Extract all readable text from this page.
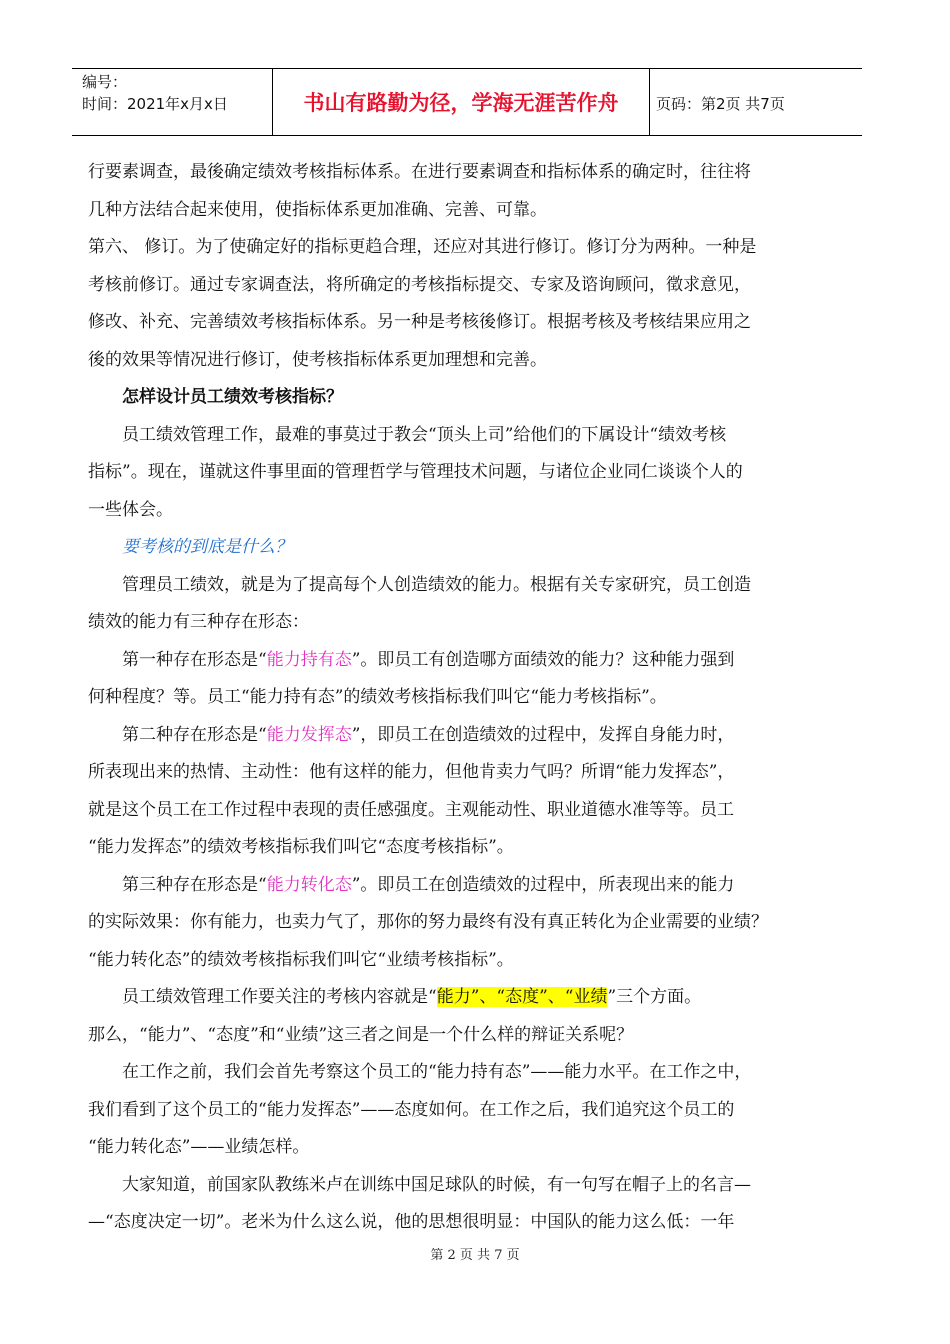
编号：
时间：2021年x月x日	书山有路勤为径，学海无涯苦作舟	页码：第2页 共7页
行要素调查，最後确定绩效考核指标体系。在进行要素调查和指标体系的确定时，往往将
几种方法结合起来使用，使指标体系更加准确、完善、可靠。
第六、 修订。为了使确定好的指标更趋合理，还应对其进行修订。修订分为两种。一种是
考核前修订。通过专家调查法，将所确定的考核指标提交、专家及谘询顾问，徵求意见，
修改、补充、完善绩效考核指标体系。另一种是考核後修订。根据考核及考核结果应用之
後的效果等情况进行修订，使考核指标体系更加理想和完善。
怎样设计员工绩效考核指标？
员工绩效管理工作，最难的事莫过于教会“顶头上司”给他们的下属设计“绩效考核
指标”。现在，谨就这件事里面的管理哲学与管理技术问题，与诸位企业同仁谈谈个人的
一些体会。
要考核的到底是什么？
管理员工绩效，就是为了提高每个人创造绩效的能力。根据有关专家研究，员工创造
绩效的能力有三种存在形态：
第一种存在形态是“能力持有态”。即员工有创造哪方面绩效的能力？这种能力强到
何种程度？等。员工“能力持有态”的绩效考核指标我们叫它“能力考核指标”。
第二种存在形态是“能力发挥态”，即员工在创造绩效的过程中，发挥自身能力时，
所表现出来的热情、主动性：他有这样的能力，但他肯卖力气吗？所谓“能力发挥态”，
就是这个员工在工作过程中表现的责任感强度。主观能动性、职业道德水准等等。员工
“能力发挥态”的绩效考核指标我们叫它“态度考核指标”。
第三种存在形态是“能力转化态”。即员工在创造绩效的过程中，所表现出来的能力
的实际效果：你有能力，也卖力气了，那你的努力最终有没有真正转化为企业需要的业绩？
“能力转化态”的绩效考核指标我们叫它“业绩考核指标”。
员工绩效管理工作要关注的考核内容就是“能力”、“态度”、“业绩”三个方面。
那么，“能力”、“态度”和“业绩”这三者之间是一个什么样的辩证关系呢？
在工作之前，我们会首先考察这个员工的“能力持有态”——能力水平。在工作之中，
我们看到了这个员工的“能力发挥态”——态度如何。在工作之后，我们追究这个员工的
“能力转化态”——业绩怎样。
大家知道，前国家队教练米卢在训练中国足球队的时候，有一句写在帽子上的名言—
—“态度决定一切”。老米为什么这么说，他的思想很明显：中国队的能力这么低：一年
第 2 页 共 7 页
